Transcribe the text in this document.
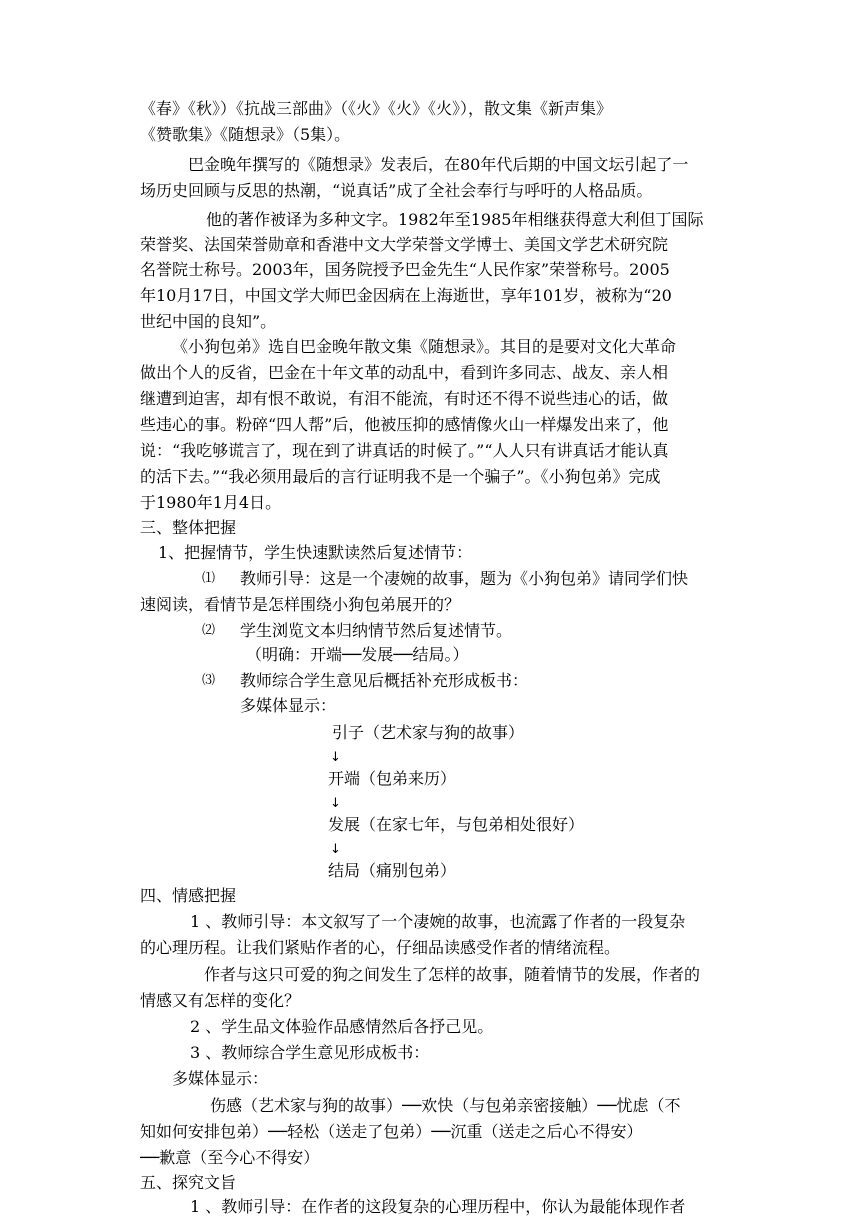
《春》《秋》）《抗战三部曲》（《火》《火》《火》），散文集《新声集》
《赞歌集》《随想录》（5集）。
巴金晚年撰写的《随想录》发表后，在80年代后期的中国文坛引起了一
场历史回顾与反思的热潮，“说真话”成了全社会奉行与呼吁的人格品质。
他的著作被译为多种文字。1982年至1985年相继获得意大利但丁国际
荣誉奖、法国荣誉勋章和香港中文大学荣誉文学博士、美国文学艺术研究院
名誉院士称号。2003年，国务院授予巴金先生“人民作家”荣誉称号。2005
年10月17日，中国文学大师巴金因病在上海逝世，享年101岁，被称为“20
世纪中国的良知”。
《小狗包弟》选自巴金晚年散文集《随想录》。其目的是要对文化大革命
做出个人的反省，巴金在十年文革的动乱中，看到许多同志、战友、亲人相
继遭到迫害，却有恨不敢说，有泪不能流，有时还不得不说些违心的话，做
些违心的事。粉碎“四人帮”后，他被压抑的感情像火山一样爆发出来了，他
说：“我吃够谎言了，现在到了讲真话的时候了。”“人人只有讲真话才能认真
的活下去。”“我必须用最后的言行证明我不是一个骗子”。《小狗包弟》完成
于1980年1月4日。
三、整体把握
1、把握情节，学生快速默读然后复述情节：
⑴ 教师引导：这是一个凄婉的故事，题为《小狗包弟》请同学们快
速阅读，看情节是怎样围绕小狗包弟展开的？
⑵ 学生浏览文本归纳情节然后复述情节。
（明确：开端──发展──结局。）
⑶ 教师综合学生意见后概括补充形成板书：
多媒体显示：
引子（艺术家与狗的故事）
↓
开端（包弟来历）
↓
发展（在家七年，与包弟相处很好）
↓
结局（痛别包弟）
四、情感把握
1 、教师引导：本文叙写了一个凄婉的故事，也流露了作者的一段复杂
的心理历程。让我们紧贴作者的心，仔细品读感受作者的情绪流程。
作者与这只可爱的狗之间发生了怎样的故事，随着情节的发展，作者的
情感又有怎样的变化？
2 、学生品文体验作品感情然后各抒己见。
3 、教师综合学生意见形成板书：
多媒体显示：
伤感（艺术家与狗的故事）──欢快（与包弟亲密接触）──忧虑（不
知如何安排包弟）──轻松（送走了包弟）──沉重（送走之后心不得安）
──歉意（至今心不得安）
五、探究文旨
1 、教师引导：在作者的这段复杂的心理历程中，你认为最能体现作者
